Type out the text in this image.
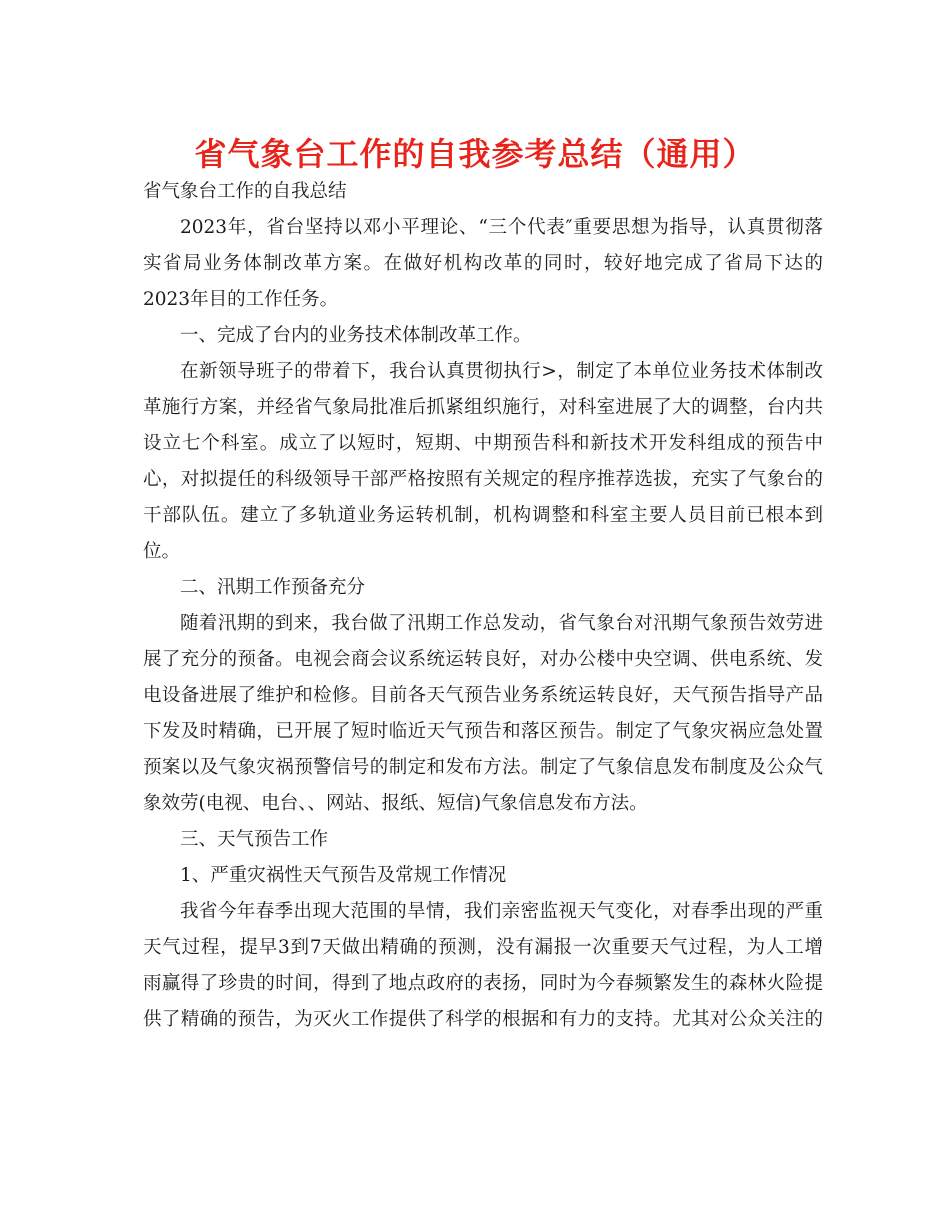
省气象台工作的自我参考总结（通用）

省气象台工作的自我总结

2023年，省台坚持以邓小平理论、“三个代表″重要思想为指导，认真贯彻落

实省局业务体制改革方案。在做好机构改革的同时，较好地完成了省局下达的

2023年目的工作任务。

一、完成了台内的业务技术体制改革工作。

在新领导班子的带着下，我台认真贯彻执行>，制定了本单位业务技术体制改

革施行方案，并经省气象局批准后抓紧组织施行，对科室进展了大的调整，台内共

设立七个科室。成立了以短时，短期、中期预告科和新技术开发科组成的预告中

心，对拟提任的科级领导干部严格按照有关规定的程序推荐选拔，充实了气象台的

干部队伍。建立了多轨道业务运转机制，机构调整和科室主要人员目前已根本到

位。

二、汛期工作预备充分

随着汛期的到来，我台做了汛期工作总发动，省气象台对汛期气象预告效劳进

展了充分的预备。电视会商会议系统运转良好，对办公楼中央空调、供电系统、发

电设备进展了维护和检修。目前各天气预告业务系统运转良好，天气预告指导产品

下发及时精确，已开展了短时临近天气预告和落区预告。制定了气象灾祸应急处置

预案以及气象灾祸预警信号的制定和发布方法。制定了气象信息发布制度及公众气

象效劳(电视、电台、、网站、报纸、短信)气象信息发布方法。

三、天气预告工作

1、严重灾祸性天气预告及常规工作情况

我省今年春季出现大范围的旱情，我们亲密监视天气变化，对春季出现的严重

天气过程，提早3到7天做出精确的预测，没有漏报一次重要天气过程，为人工增

雨赢得了珍贵的时间，得到了地点政府的表扬，同时为今春频繁发生的森林火险提

供了精确的预告，为灭火工作提供了科学的根据和有力的支持。尤其对公众关注的
